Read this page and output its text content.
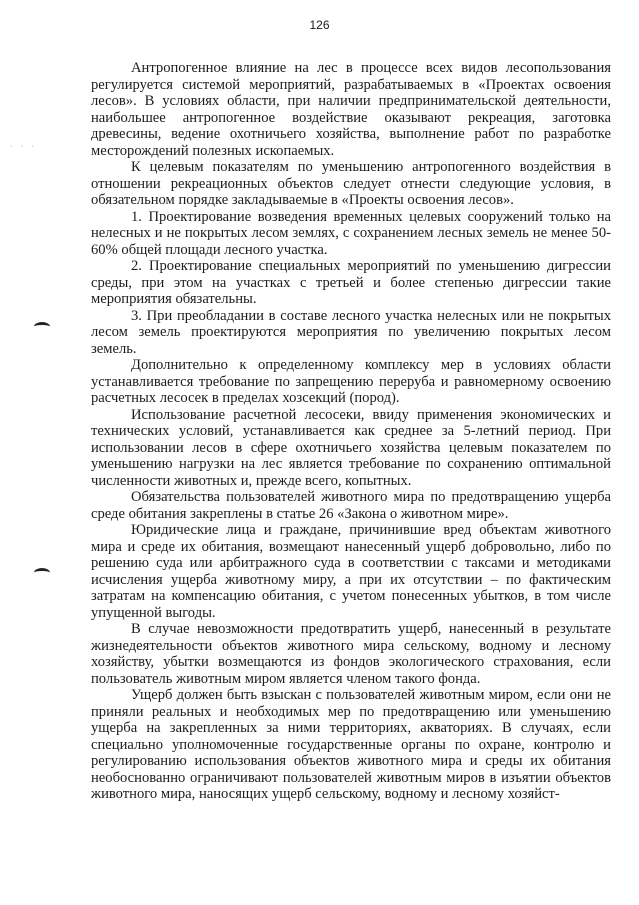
126
· · ·

Антропогенное влияние на лес в процессе всех видов лесопользования регулируется системой мероприятий, разрабатываемых в «Проектах освоения лесов». В условиях области, при наличии предпринимательской деятельности, наибольшее антропогенное воздействие оказывают рекреация, заготовка древесины, ведение охотничьего хозяйства, выполнение работ по разработке месторождений полезных ископаемых.

К целевым показателям по уменьшению антропогенного воздействия в отношении рекреационных объектов следует отнести следующие условия, в обязательном порядке закладываемые в «Проекты освоения лесов».

1. Проектирование возведения временных целевых сооружений только на нелесных и не покрытых лесом землях, с сохранением лесных земель не менее 50-60% общей площади лесного участка.

2. Проектирование специальных мероприятий по уменьшению дигрессии среды, при этом на участках с третьей и более степенью дигрессии такие мероприятия обязательны.

3. При преобладании в составе лесного участка нелесных или не покрытых лесом земель проектируются мероприятия по увеличению покрытых лесом земель.

Дополнительно к определенному комплексу мер в условиях области устанавливается требование по запрещению перерубa и равномерному освоению расчетных лесосек в пределах хозсекций (пород).

Использование расчетной лесосеки, ввиду применения экономических и технических условий, устанавливается как среднее за 5-летний период. При использовании лесов в сфере охотничьего хозяйства целевым показателем по уменьшению нагрузки на лес является требование по сохранению оптимальной численности животных и, прежде всего, копытных.

Обязательства пользователей животного мира по предотвращению ущерба среде обитания закреплены в статье 26 «Закона о животном мире».

Юридические лица и граждане, причинившие вред объектам животного мира и среде их обитания, возмещают нанесенный ущерб добровольно, либо по решению суда или арбитражного суда в соответствии с таксами и методиками исчисления ущерба животному миру, а при их отсутствии – по фактическим затратам на компенсацию обитания, с учетом понесенных убытков, в том числе упущенной выгоды.

В случае невозможности предотвратить ущерб, нанесенный в результате жизнедеятельности объектов животного мира сельскому, водному и лесному хозяйству, убытки возмещаются из фондов экологического страхования, если пользователь животным миром является членом такого фонда.

Ущерб должен быть взыскан с пользователей животным миром, если они не приняли реальных и необходимых мер по предотвращению или уменьшению ущерба на закрепленных за ними территориях, акваториях. В случаях, если специально уполномоченные государственные органы по охране, контролю и регулированию использования объектов животного мира и среды их обитания необоснованно ограничивают пользователей животным миров в изъятии объектов животного мира, наносящих ущерб сельскому, водному и лесному хозяйст-
